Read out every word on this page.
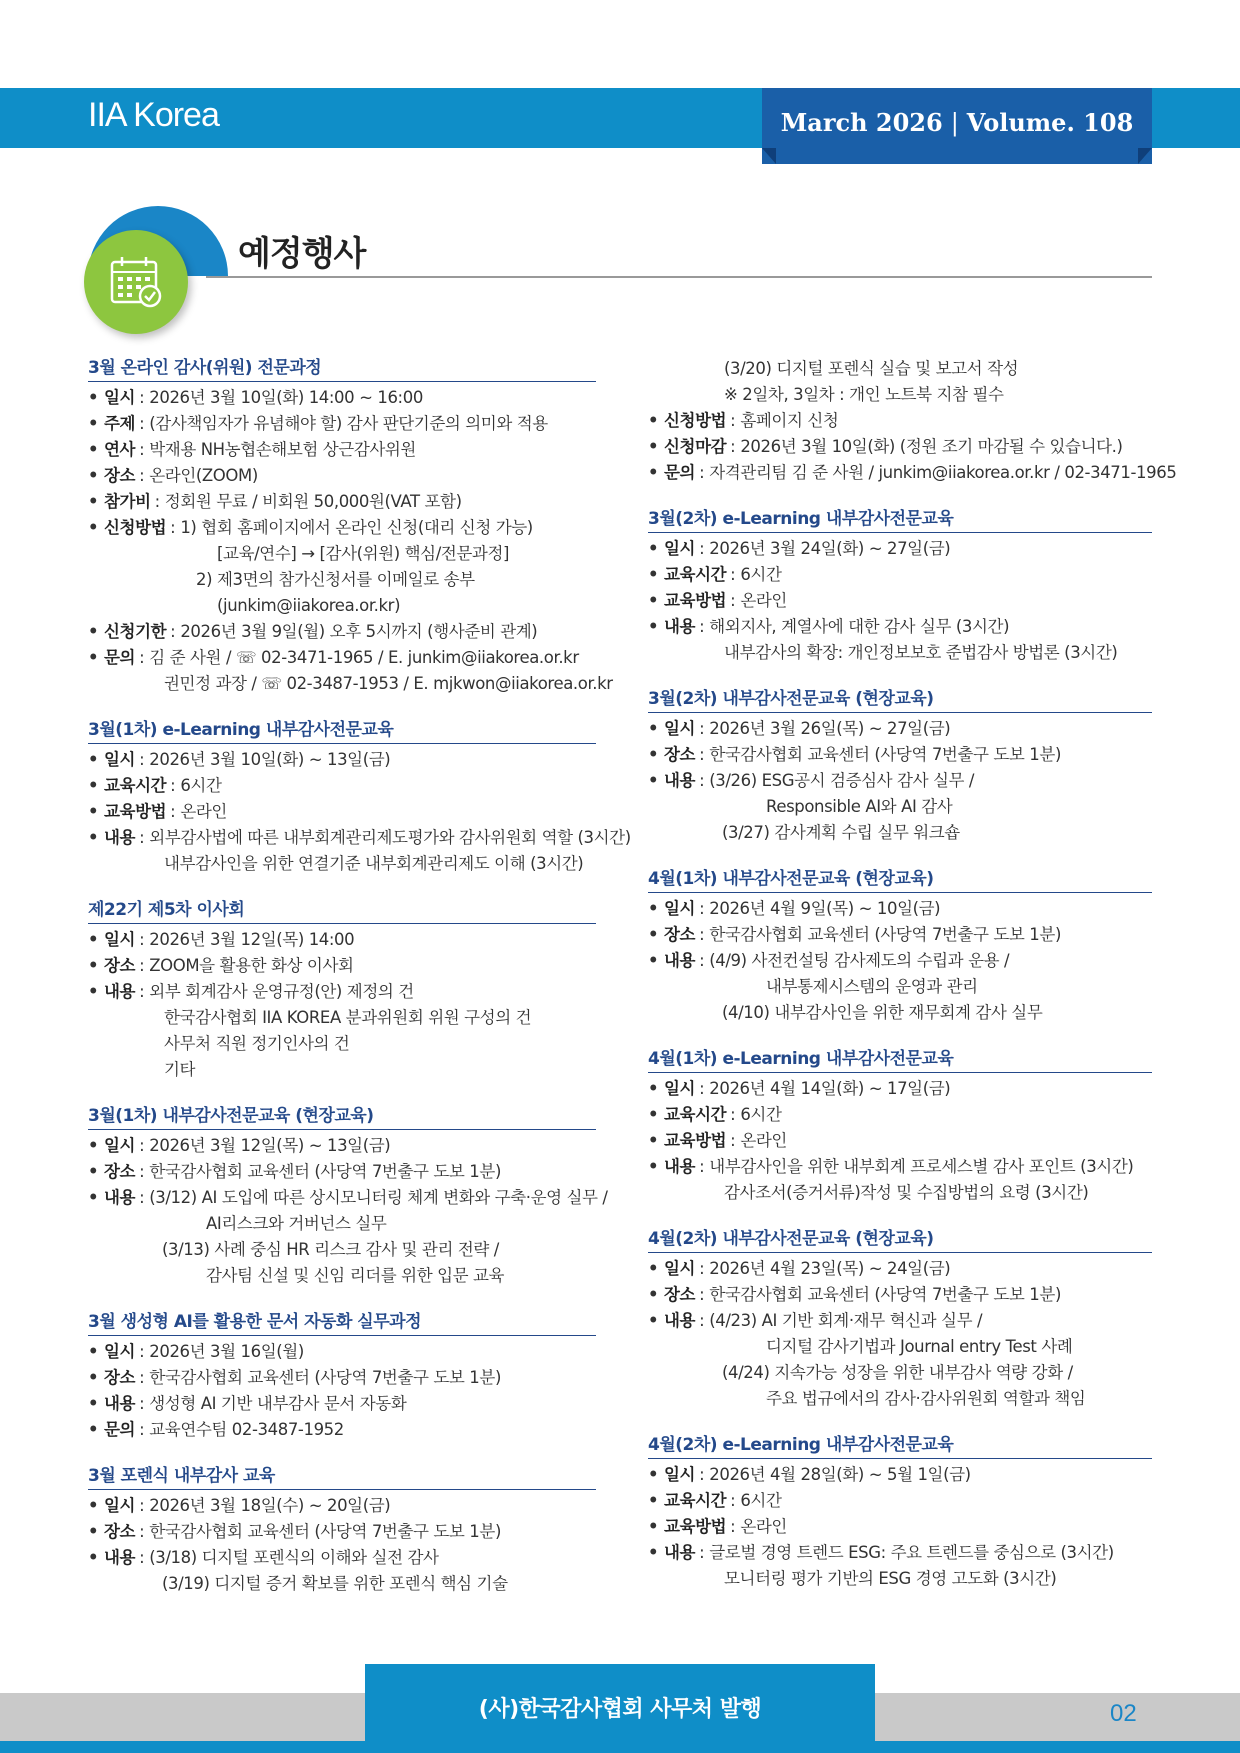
IIA Korea	March 2026 | Volume. 108
예정행사
3월 온라인 감사(위원) 전문과정
• 일시 : 2026년 3월 10일(화) 14:00 ~ 16:00
• 주제 : (감사책임자가 유념해야 할) 감사 판단기준의 의미와 적용
• 연사 : 박재용 NH농협손해보험 상근감사위원
• 장소 : 온라인(ZOOM)
• 참가비 : 정회원 무료 / 비회원 50,000원(VAT 포함)
• 신청방법 : 1) 협회 홈페이지에서 온라인 신청(대리 신청 가능)
[교육/연수] → [감사(위원) 핵심/전문과정]
2) 제3면의 참가신청서를 이메일로 송부
(junkim@iiakorea.or.kr)
• 신청기한 : 2026년 3월 9일(월) 오후 5시까지 (행사준비 관계)
• 문의 : 김 준 사원 / ☏ 02-3471-1965 / E. junkim@iiakorea.or.kr
권민정 과장 / ☏ 02-3487-1953 / E. mjkwon@iiakorea.or.kr
3월(1차) e-Learning 내부감사전문교육
• 일시 : 2026년 3월 10일(화) ~ 13일(금)
• 교육시간 : 6시간
• 교육방법 : 온라인
• 내용 : 외부감사법에 따른 내부회계관리제도평가와 감사위원회 역할 (3시간)
내부감사인을 위한 연결기준 내부회계관리제도 이해 (3시간)
제22기 제5차 이사회
• 일시 : 2026년 3월 12일(목) 14:00
• 장소 : ZOOM을 활용한 화상 이사회
• 내용 : 외부 회계감사 운영규정(안) 제정의 건
한국감사협회 IIA KOREA 분과위원회 위원 구성의 건
사무처 직원 정기인사의 건
기타
3월(1차) 내부감사전문교육 (현장교육)
• 일시 : 2026년 3월 12일(목) ~ 13일(금)
• 장소 : 한국감사협회 교육센터 (사당역 7번출구 도보 1분)
• 내용 : (3/12) AI 도입에 따른 상시모니터링 체계 변화와 구축·운영 실무 /
AI리스크와 거버넌스 실무
(3/13) 사례 중심 HR 리스크 감사 및 관리 전략 /
감사팀 신설 및 신임 리더를 위한 입문 교육
3월 생성형 AI를 활용한 문서 자동화 실무과정
• 일시 : 2026년 3월 16일(월)
• 장소 : 한국감사협회 교육센터 (사당역 7번출구 도보 1분)
• 내용 : 생성형 AI 기반 내부감사 문서 자동화
• 문의 : 교육연수팀 02-3487-1952
3월 포렌식 내부감사 교육
• 일시 : 2026년 3월 18일(수) ~ 20일(금)
• 장소 : 한국감사협회 교육센터 (사당역 7번출구 도보 1분)
• 내용 : (3/18) 디지털 포렌식의 이해와 실전 감사
(3/19) 디지털 증거 확보를 위한 포렌식 핵심 기술
(3/20) 디지털 포렌식 실습 및 보고서 작성
※ 2일차, 3일차 : 개인 노트북 지참 필수
• 신청방법 : 홈페이지 신청
• 신청마감 : 2026년 3월 10일(화) (정원 조기 마감될 수 있습니다.)
• 문의 : 자격관리팀 김 준 사원 / junkim@iiakorea.or.kr / 02-3471-1965
3월(2차) e-Learning 내부감사전문교육
• 일시 : 2026년 3월 24일(화) ~ 27일(금)
• 교육시간 : 6시간
• 교육방법 : 온라인
• 내용 : 해외지사, 계열사에 대한 감사 실무 (3시간)
내부감사의 확장: 개인정보보호 준법감사 방법론 (3시간)
3월(2차) 내부감사전문교육 (현장교육)
• 일시 : 2026년 3월 26일(목) ~ 27일(금)
• 장소 : 한국감사협회 교육센터 (사당역 7번출구 도보 1분)
• 내용 : (3/26) ESG공시 검증심사 감사 실무 /
Responsible AI와 AI 감사
(3/27) 감사계획 수립 실무 워크숍
4월(1차) 내부감사전문교육 (현장교육)
• 일시 : 2026년 4월 9일(목) ~ 10일(금)
• 장소 : 한국감사협회 교육센터 (사당역 7번출구 도보 1분)
• 내용 : (4/9) 사전컨설팅 감사제도의 수립과 운용 /
내부통제시스템의 운영과 관리
(4/10) 내부감사인을 위한 재무회계 감사 실무
4월(1차) e-Learning 내부감사전문교육
• 일시 : 2026년 4월 14일(화) ~ 17일(금)
• 교육시간 : 6시간
• 교육방법 : 온라인
• 내용 : 내부감사인을 위한 내부회계 프로세스별 감사 포인트 (3시간)
감사조서(증거서류)작성 및 수집방법의 요령 (3시간)
4월(2차) 내부감사전문교육 (현장교육)
• 일시 : 2026년 4월 23일(목) ~ 24일(금)
• 장소 : 한국감사협회 교육센터 (사당역 7번출구 도보 1분)
• 내용 : (4/23) AI 기반 회계·재무 혁신과 실무 /
디지털 감사기법과 Journal entry Test 사례
(4/24) 지속가능 성장을 위한 내부감사 역량 강화 /
주요 법규에서의 감사·감사위원회 역할과 책임
4월(2차) e-Learning 내부감사전문교육
• 일시 : 2026년 4월 28일(화) ~ 5월 1일(금)
• 교육시간 : 6시간
• 교육방법 : 온라인
• 내용 : 글로벌 경영 트렌드 ESG: 주요 트렌드를 중심으로 (3시간)
모니터링 평가 기반의 ESG 경영 고도화 (3시간)
(사)한국감사협회 사무처 발행	02
